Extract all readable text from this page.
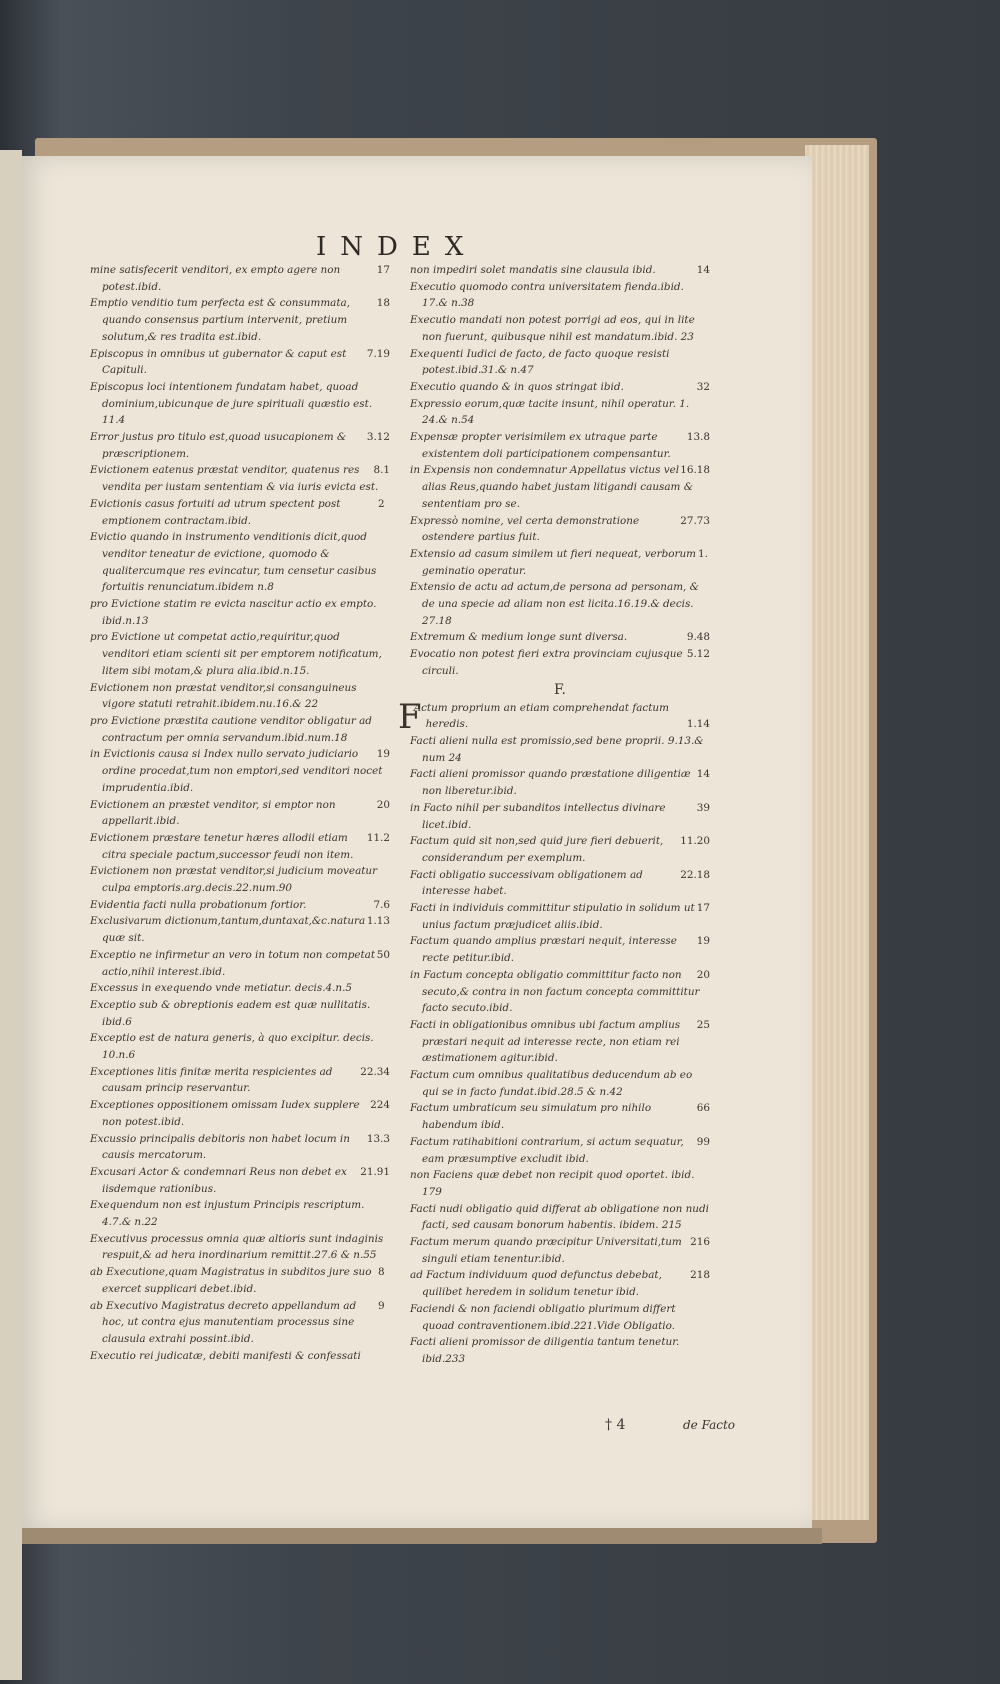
INDEX
17
mine satisfecerit venditori, ex empto agere non potest.ibid.
18
Emptio venditio tum perfecta est & consummata, quando consensus partium intervenit, pretium solutum,& res tradita est.ibid.
7.19
Episcopus in omnibus ut gubernator & caput est Capituli.
Episcopus loci intentionem fundatam habet, quoad dominium,ubicunque de jure spirituali quæstio est. 11.4
3.12
Error justus pro titulo est,quoad usucapionem & præscriptionem.
8.1
Evictionem eatenus præstat venditor, quatenus res vendita per iustam sententiam & via iuris evicta est.
2
Evictionis casus fortuiti ad utrum spectent post emptionem contractam.ibid.
Evictio quando in instrumento venditionis dicit,quod venditor teneatur de evictione, quomodo & qualitercumque res evincatur, tum censetur casibus fortuitis renunciatum.ibidem n.8
pro Evictione statim re evicta nascitur actio ex empto. ibid.n.13
pro Evictione ut competat actio,requiritur,quod venditori etiam scienti sit per emptorem notificatum, litem sibi motam,& plura alia.ibid.n.15.
Evictionem non præstat venditor,si consanguineus vigore statuti retrahit.ibidem.nu.16.& 22
pro Evictione præstita cautione venditor obligatur ad contractum per omnia servandum.ibid.num.18
19
in Evictionis causa si Index nullo servato judiciario ordine procedat,tum non emptori,sed venditori nocet imprudentia.ibid.
20
Evictionem an præstet venditor, si emptor non appellarit.ibid.
11.2
Evictionem præstare tenetur hæres allodii etiam citra speciale pactum,successor feudi non item.
Evictionem non præstat venditor,si judicium moveatur culpa emptoris.arg.decis.22.num.90
7.6
Evidentia facti nulla probationum fortior.
1.13
Exclusivarum dictionum,tantum,duntaxat,&c.natura quæ sit.
50
Exceptio ne infirmetur an vero in totum non competat actio,nihil interest.ibid.
Excessus in exequendo vnde metiatur. decis.4.n.5
Exceptio sub & obreptionis eadem est quæ nullitatis. ibid.6
Exceptio est de natura generis, à quo excipitur. decis. 10.n.6
22.34
Exceptiones litis finitæ merita respicientes ad causam princip reservantur.
224
Exceptiones oppositionem omissam Iudex supplere non potest.ibid.
13.3
Excussio principalis debitoris non habet locum in causis mercatorum.
21.91
Excusari Actor & condemnari Reus non debet ex iisdemque rationibus.
Exequendum non est injustum Principis rescriptum. 4.7.& n.22
Executivus processus omnia quæ altioris sunt indaginis respuit,& ad hera inordinarium remittit.27.6 & n.55
8
ab Executione,quam Magistratus in subditos jure suo exercet supplicari debet.ibid.
9
ab Executivo Magistratus decreto appellandum ad hoc, ut contra ejus manutentiam processus sine clausula extrahi possint.ibid.
Executio rei judicatæ, debiti manifesti & confessati
14
non impediri solet mandatis sine clausula ibid.
Executio quomodo contra universitatem fienda.ibid. 17.& n.38
Executio mandati non potest porrigi ad eos, qui in lite non fuerunt, quibusque nihil est mandatum.ibid. 23
Exequenti Iudici de facto, de facto quoque resisti potest.ibid.31.& n.47
32
Executio quando & in quos stringat ibid.
Expressio eorum,quæ tacite insunt, nihil operatur. 1. 24.& n.54
13.8
Expensæ propter verisimilem ex utraque parte existentem doli participationem compensantur.
16.18
in Expensis non condemnatur Appellatus victus vel alias Reus,quando habet justam litigandi causam & sententiam pro se.
27.73
Expressò nomine, vel certa demonstratione ostendere partius fuit.
1.
Extensio ad casum similem ut fieri nequeat, verborum geminatio operatur.
Extensio de actu ad actum,de persona ad personam, & de una specie ad aliam non est licita.16.19.& decis. 27.18
9.48
Extremum & medium longe sunt diversa.
5.12
Evocatio non potest fieri extra provinciam cujusque circuli.
F.
F
Actum proprium an etiam comprehendat factum heredis.	1.14
Facti alieni nulla est promissio,sed bene proprii. 9.13.& num 24
14
Facti alieni promissor quando præstatione diligentiæ non liberetur.ibid.
39
in Facto nihil per subanditos intellectus divinare licet.ibid.
11.20
Factum quid sit non,sed quid jure fieri debuerit, considerandum per exemplum.
22.18
Facti obligatio successivam obligationem ad interesse habet.
17
Facti in individuis committitur stipulatio in solidum ut unius factum præjudicet aliis.ibid.
19
Factum quando amplius præstari nequit, interesse recte petitur.ibid.
20
in Factum concepta obligatio committitur facto non secuto,& contra in non factum concepta committitur facto secuto.ibid.
25
Facti in obligationibus omnibus ubi factum amplius præstari nequit ad interesse recte, non etiam rei æstimationem agitur.ibid.
Factum cum omnibus qualitatibus deducendum ab eo qui se in facto fundat.ibid.28.5 & n.42
66
Factum umbraticum seu simulatum pro nihilo habendum ibid.
99
Factum ratihabitioni contrarium, si actum sequatur, eam præsumptive excludit ibid.
non Faciens quæ debet non recipit quod oportet. ibid. 179
Facti nudi obligatio quid differat ab obligatione non nudi facti, sed causam bonorum habentis. ibidem. 215
216
Factum merum quando præcipitur Universitati,tum singuli etiam tenentur.ibid.
218
ad Factum individuum quod defunctus debebat, quilibet heredem in solidum tenetur ibid.
Faciendi & non faciendi obligatio plurimum differt quoad contraventionem.ibid.221.Vide Obligatio.
Facti alieni promissor de diligentia tantum tenetur. ibid.233
† 4	de Facto
